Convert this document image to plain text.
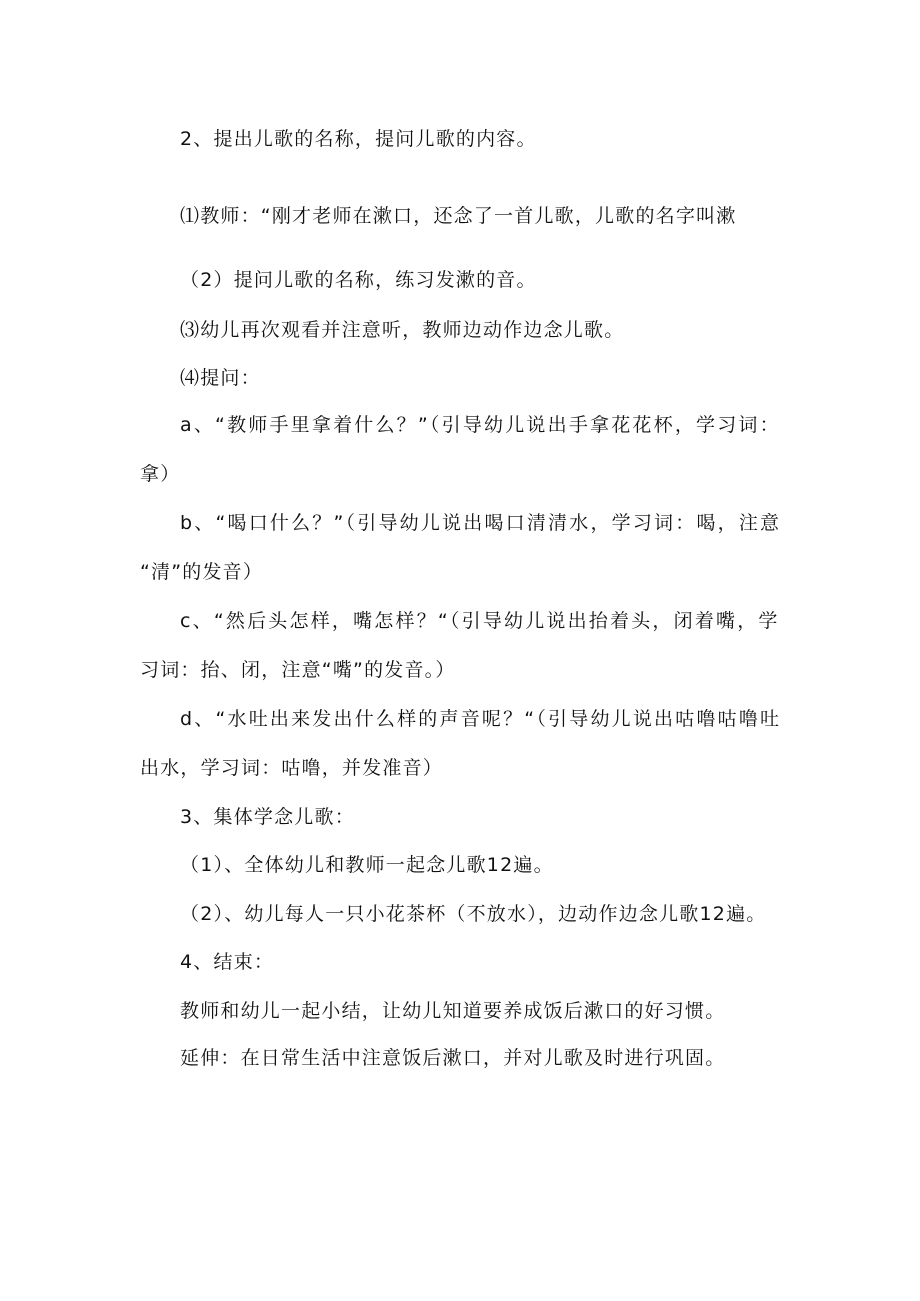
2、提出儿歌的名称，提问儿歌的内容。
⑴教师：“刚才老师在漱口，还念了一首儿歌，儿歌的名字叫漱
（2）提问儿歌的名称，练习发漱的音。
⑶幼儿再次观看并注意听，教师边动作边念儿歌。
⑷提问：
a、“教师手里拿着什么？”（引导幼儿说出手拿花花杯，学习词：
拿）
b、“喝口什么？”（引导幼儿说出喝口清清水，学习词：喝，注意
“清”的发音）
c、“然后头怎样，嘴怎样？“（引导幼儿说出抬着头，闭着嘴，学
习词：抬、闭，注意“嘴”的发音。）
d、“水吐出来发出什么样的声音呢？“（引导幼儿说出咕噜咕噜吐
出水，学习词：咕噜，并发准音）
3、集体学念儿歌：
（1）、全体幼儿和教师一起念儿歌12遍。
（2）、幼儿每人一只小花茶杯（不放水），边动作边念儿歌12遍。
4、结束：
教师和幼儿一起小结，让幼儿知道要养成饭后漱口的好习惯。
延伸：在日常生活中注意饭后漱口，并对儿歌及时进行巩固。
